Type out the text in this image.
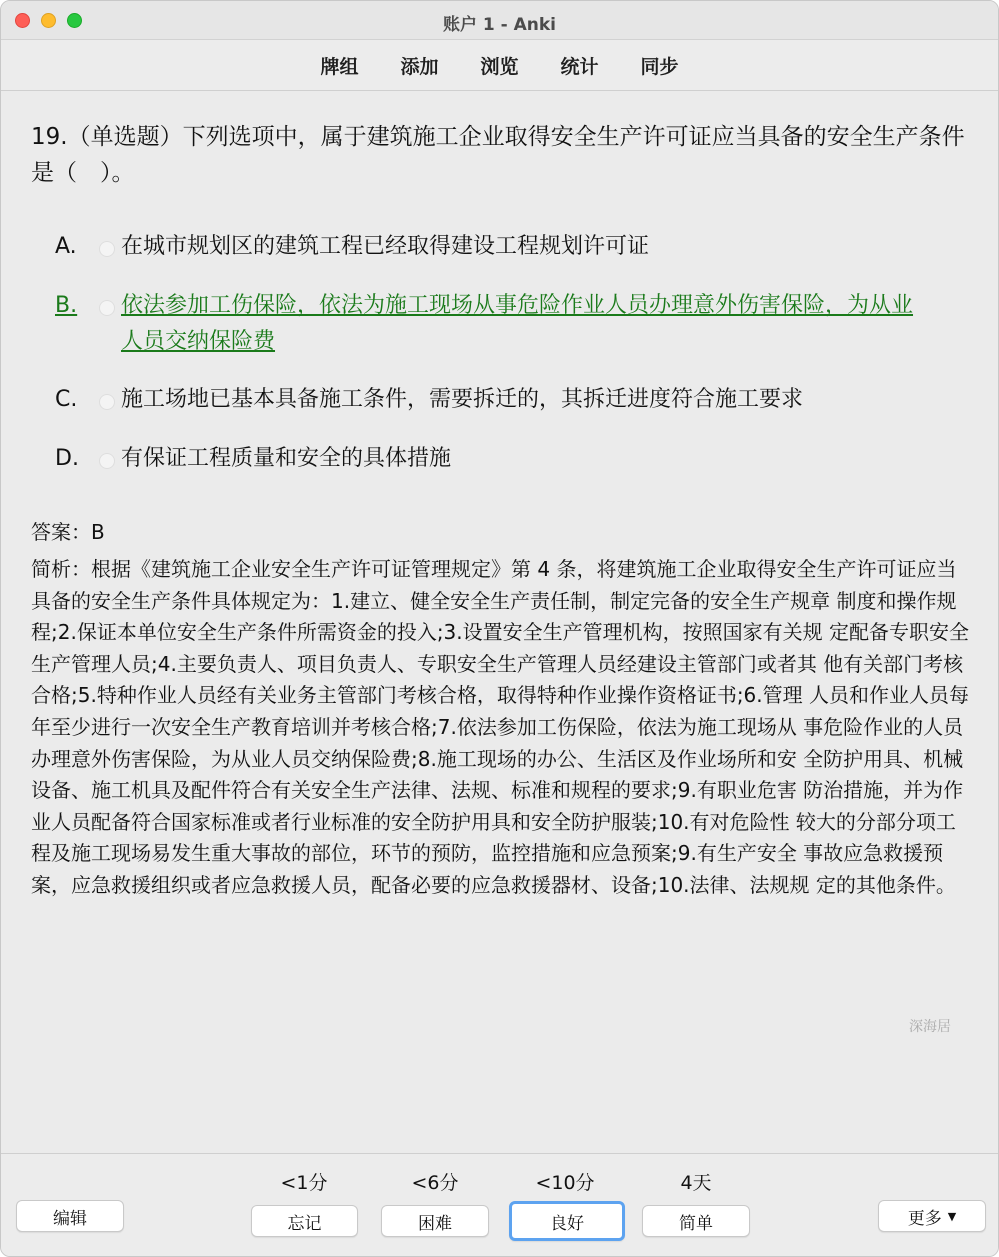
账户 1 - Anki
牌组 添加 浏览 统计 同步
19.（单选题）下列选项中，属于建筑施工企业取得安全生产许可证应当具备的安全生产条件是（　）。
A.	在城市规划区的建筑工程已经取得建设工程规划许可证
B.	依法参加工伤保险，依法为施工现场从事危险作业人员办理意外伤害保险，为从业人员交纳保险费
C.	施工场地已基本具备施工条件，需要拆迁的，其拆迁进度符合施工要求
D.	有保证工程质量和安全的具体措施
答案：B
简析：根据《建筑施工企业安全生产许可证管理规定》第 4 条，将建筑施工企业取得安全生产许可证应当具备的安全生产条件具体规定为：1.建立、健全安全生产责任制，制定完备的安全生产规章 制度和操作规程;2.保证本单位安全生产条件所需资金的投入;3.设置安全生产管理机构，按照国家有关规 定配备专职安全生产管理人员;4.主要负责人、项目负责人、专职安全生产管理人员经建设主管部门或者其 他有关部门考核合格;5.特种作业人员经有关业务主管部门考核合格，取得特种作业操作资格证书;6.管理 人员和作业人员每年至少进行一次安全生产教育培训并考核合格;7.依法参加工伤保险，依法为施工现场从 事危险作业的人员办理意外伤害保险，为从业人员交纳保险费;8.施工现场的办公、生活区及作业场所和安 全防护用具、机械设备、施工机具及配件符合有关安全生产法律、法规、标准和规程的要求;9.有职业危害 防治措施，并为作业人员配备符合国家标准或者行业标准的安全防护用具和安全防护服装;10.有对危险性 较大的分部分项工程及施工现场易发生重大事故的部位，环节的预防，监控措施和应急预案;9.有生产安全 事故应急救援预案，应急救援组织或者应急救援人员，配备必要的应急救援器材、设备;10.法律、法规规 定的其他条件。
深海居
编辑
<1分	<6分	<10分	4天
忘记	困难	良好	简单	更多 ▼
